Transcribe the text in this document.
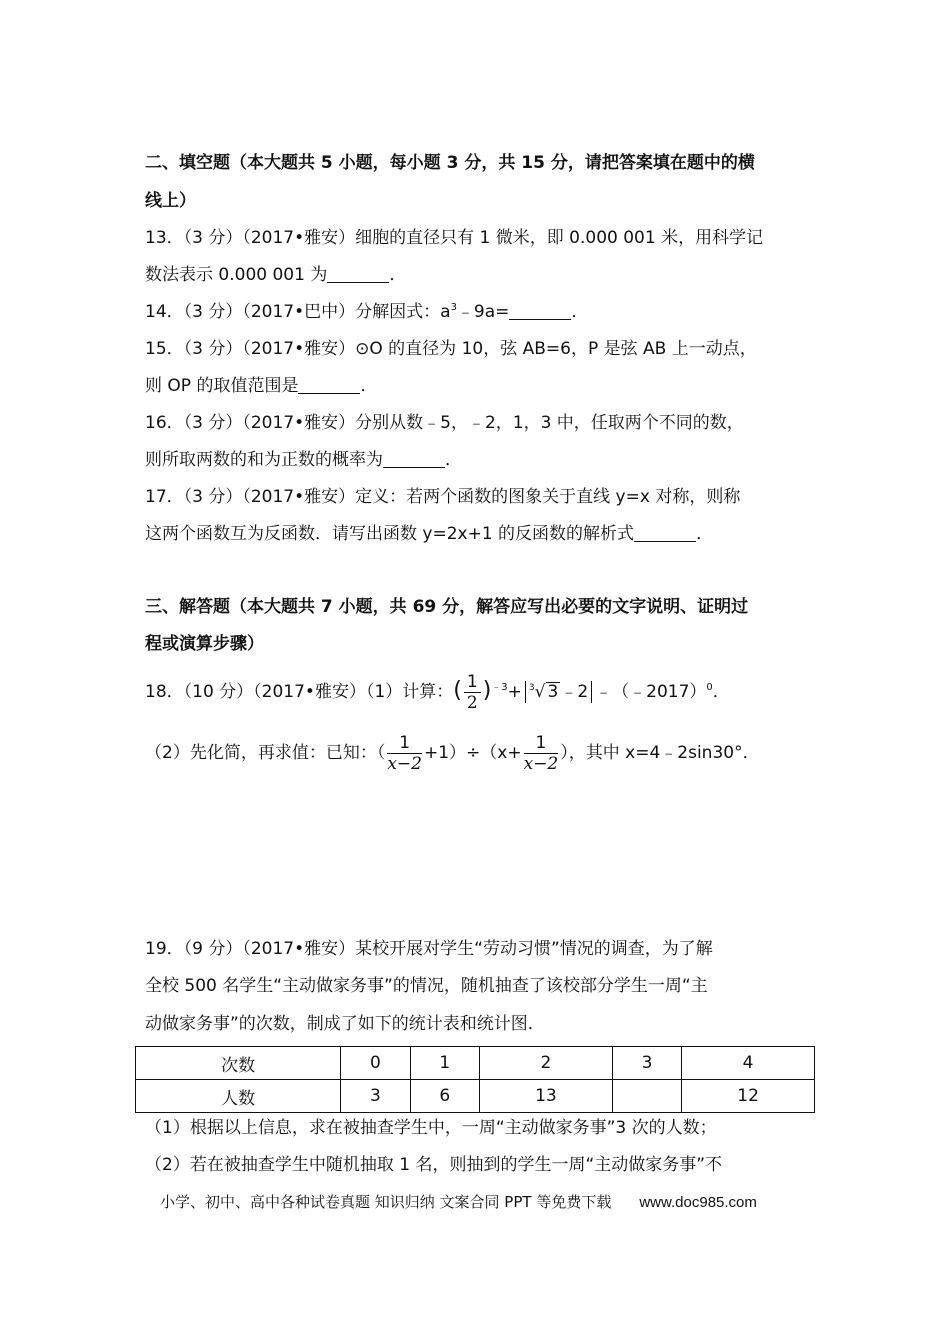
二、填空题（本大题共 5 小题，每小题 3 分，共 15 分，请把答案填在题中的横
线上）
13．（3 分）（2017•雅安）细胞的直径只有 1 微米，即 0.000 001 米，用科学记
数法表示 0.000 001 为	．
14．（3 分）（2017•巴中）分解因式：$a^3﹣9a=$	．
15．（3 分）（2017•雅安）⊙O 的直径为 10，弦 AB=6，P 是弦 AB 上一动点，
则 OP 的取值范围是	．
16．（3 分）（2017•雅安）分别从数﹣5，﹣2，1，3 中，任取两个不同的数，
则所取两数的和为正数的概率为	．
17．（3 分）（2017•雅安）定义：若两个函数的图象关于直线 y=x 对称，则称
这两个函数互为反函数．请写出函数 y=2x+1 的反函数的解析式	．
三、解答题（本大题共 7 小题，共 69 分，解答应写出必要的文字说明、证明过
程或演算步骤）
18．（10 分）（2017•雅安）（1）计算：( $\frac{1}{2} )^{﹣3}+ ^3√$ 3 ﹣2 ﹣（﹣2017）$^0$．
（2）先化简，再求值：已知：（ $\frac{1}{x-2} +1)\div(x+ \frac{1}{x-2}$ ），其中 x=4﹣2sin30°．
19．（9 分）（2017•雅安）某校开展对学生“劳动习惯”情况的调查，为了解
全校 500 名学生“主动做家务事”的情况，随机抽查了该校部分学生一周“主
动做家务事”的次数，制成了如下的统计表和统计图．
次数	0	1	2	3	4
人数	3	6	13		12
（1）根据以上信息，求在被抽查学生中，一周“主动做家务事”3 次的人数；
（2）若在被抽查学生中随机抽取 1 名，则抽到的学生一周“主动做家务事”不
小学、初中、高中各种试卷真题 知识归纳 文案合同 PPT 等免费下载 www.doc985.com
